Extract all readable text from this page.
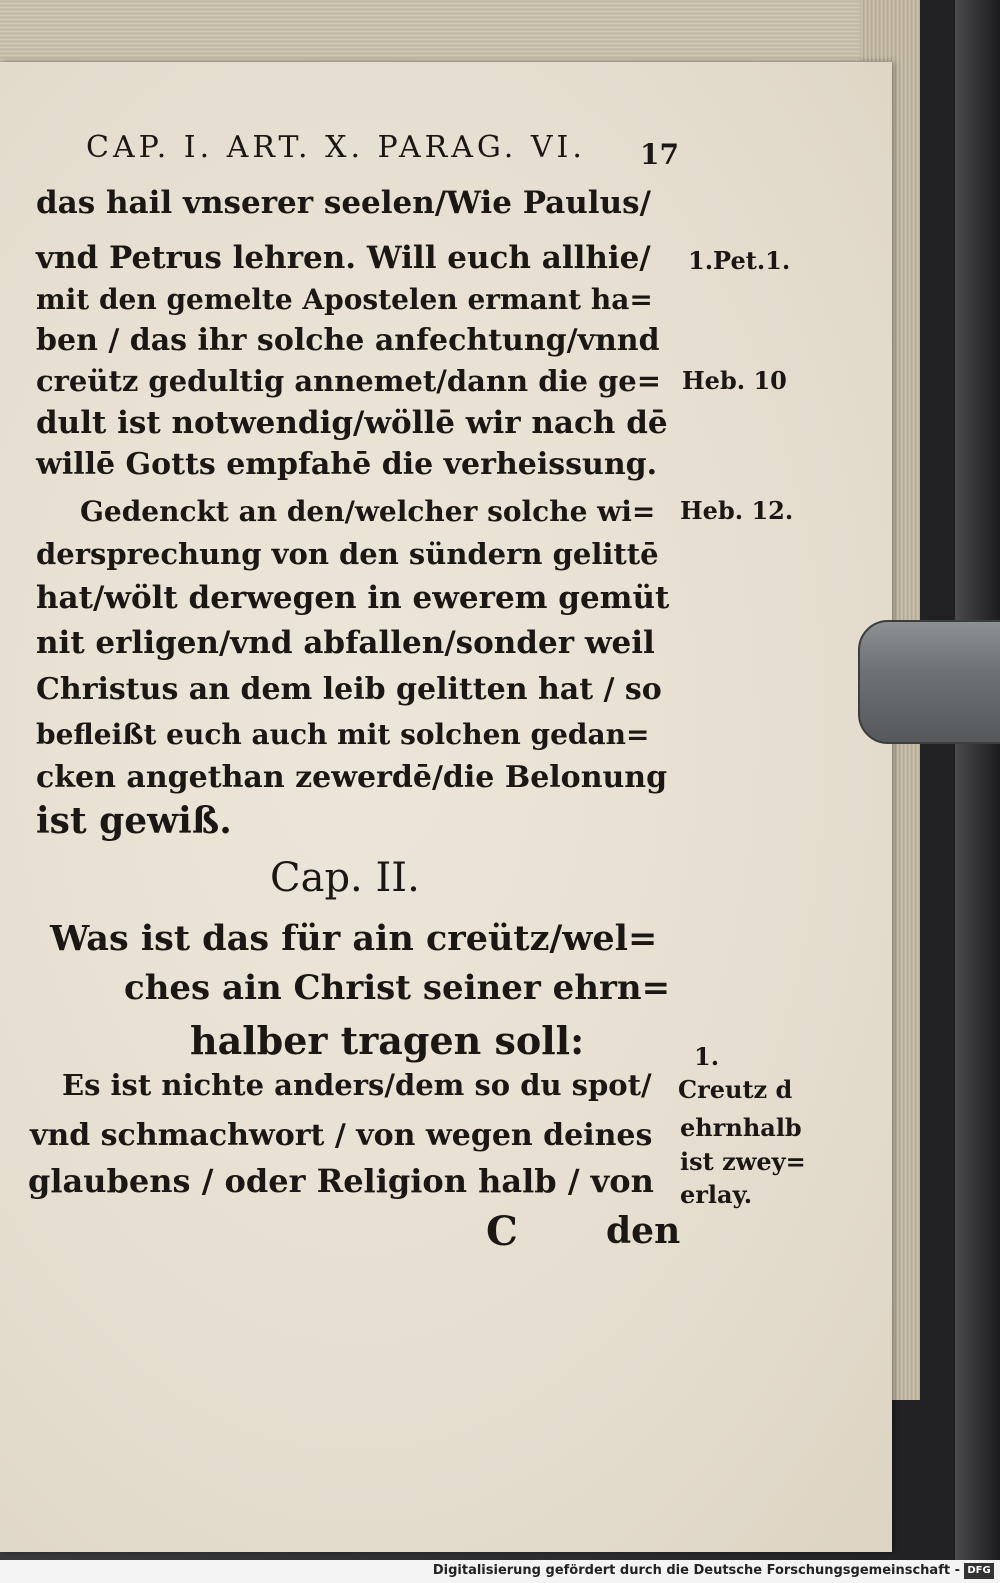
CAP. I. ART. X. PARAG. VI. 17
das hail vnserer seelen/Wie Paulus/
vnd Petrus lehren. Will euch allhie/
mit den gemelte Apostelen ermant ha=
ben / das ihr solche anfechtung/vnnd
creütz gedultig annemet/dann die ge=
dult ist notwendig/wöllē wir nach dē
willē Gotts empfahē die verheissung.
Gedenckt an den/welcher solche wi=
dersprechung von den sündern gelittē
hat/wölt derwegen in ewerem gemüt
nit erligen/vnd abfallen/sonder weil
Christus an dem leib gelitten hat / so
befleißt euch auch mit solchen gedan=
cken angethan zewerdē/die Belonung
ist gewiß.
1.Pet.1.
Heb. 10
Heb. 12.
Cap. II.
Was ist das für ain creütz/wel=
ches ain Christ seiner ehrn=
halber tragen soll:
Es ist nichte anders/dem so du spot/
vnd schmachwort / von wegen deines
glaubens / oder Religion halb / von
1.
Creutz d
ehrnhalb
ist zwey=
erlay.
C den
Digitalisierung gefördert durch die Deutsche Forschungsgemeinschaft - DFG
